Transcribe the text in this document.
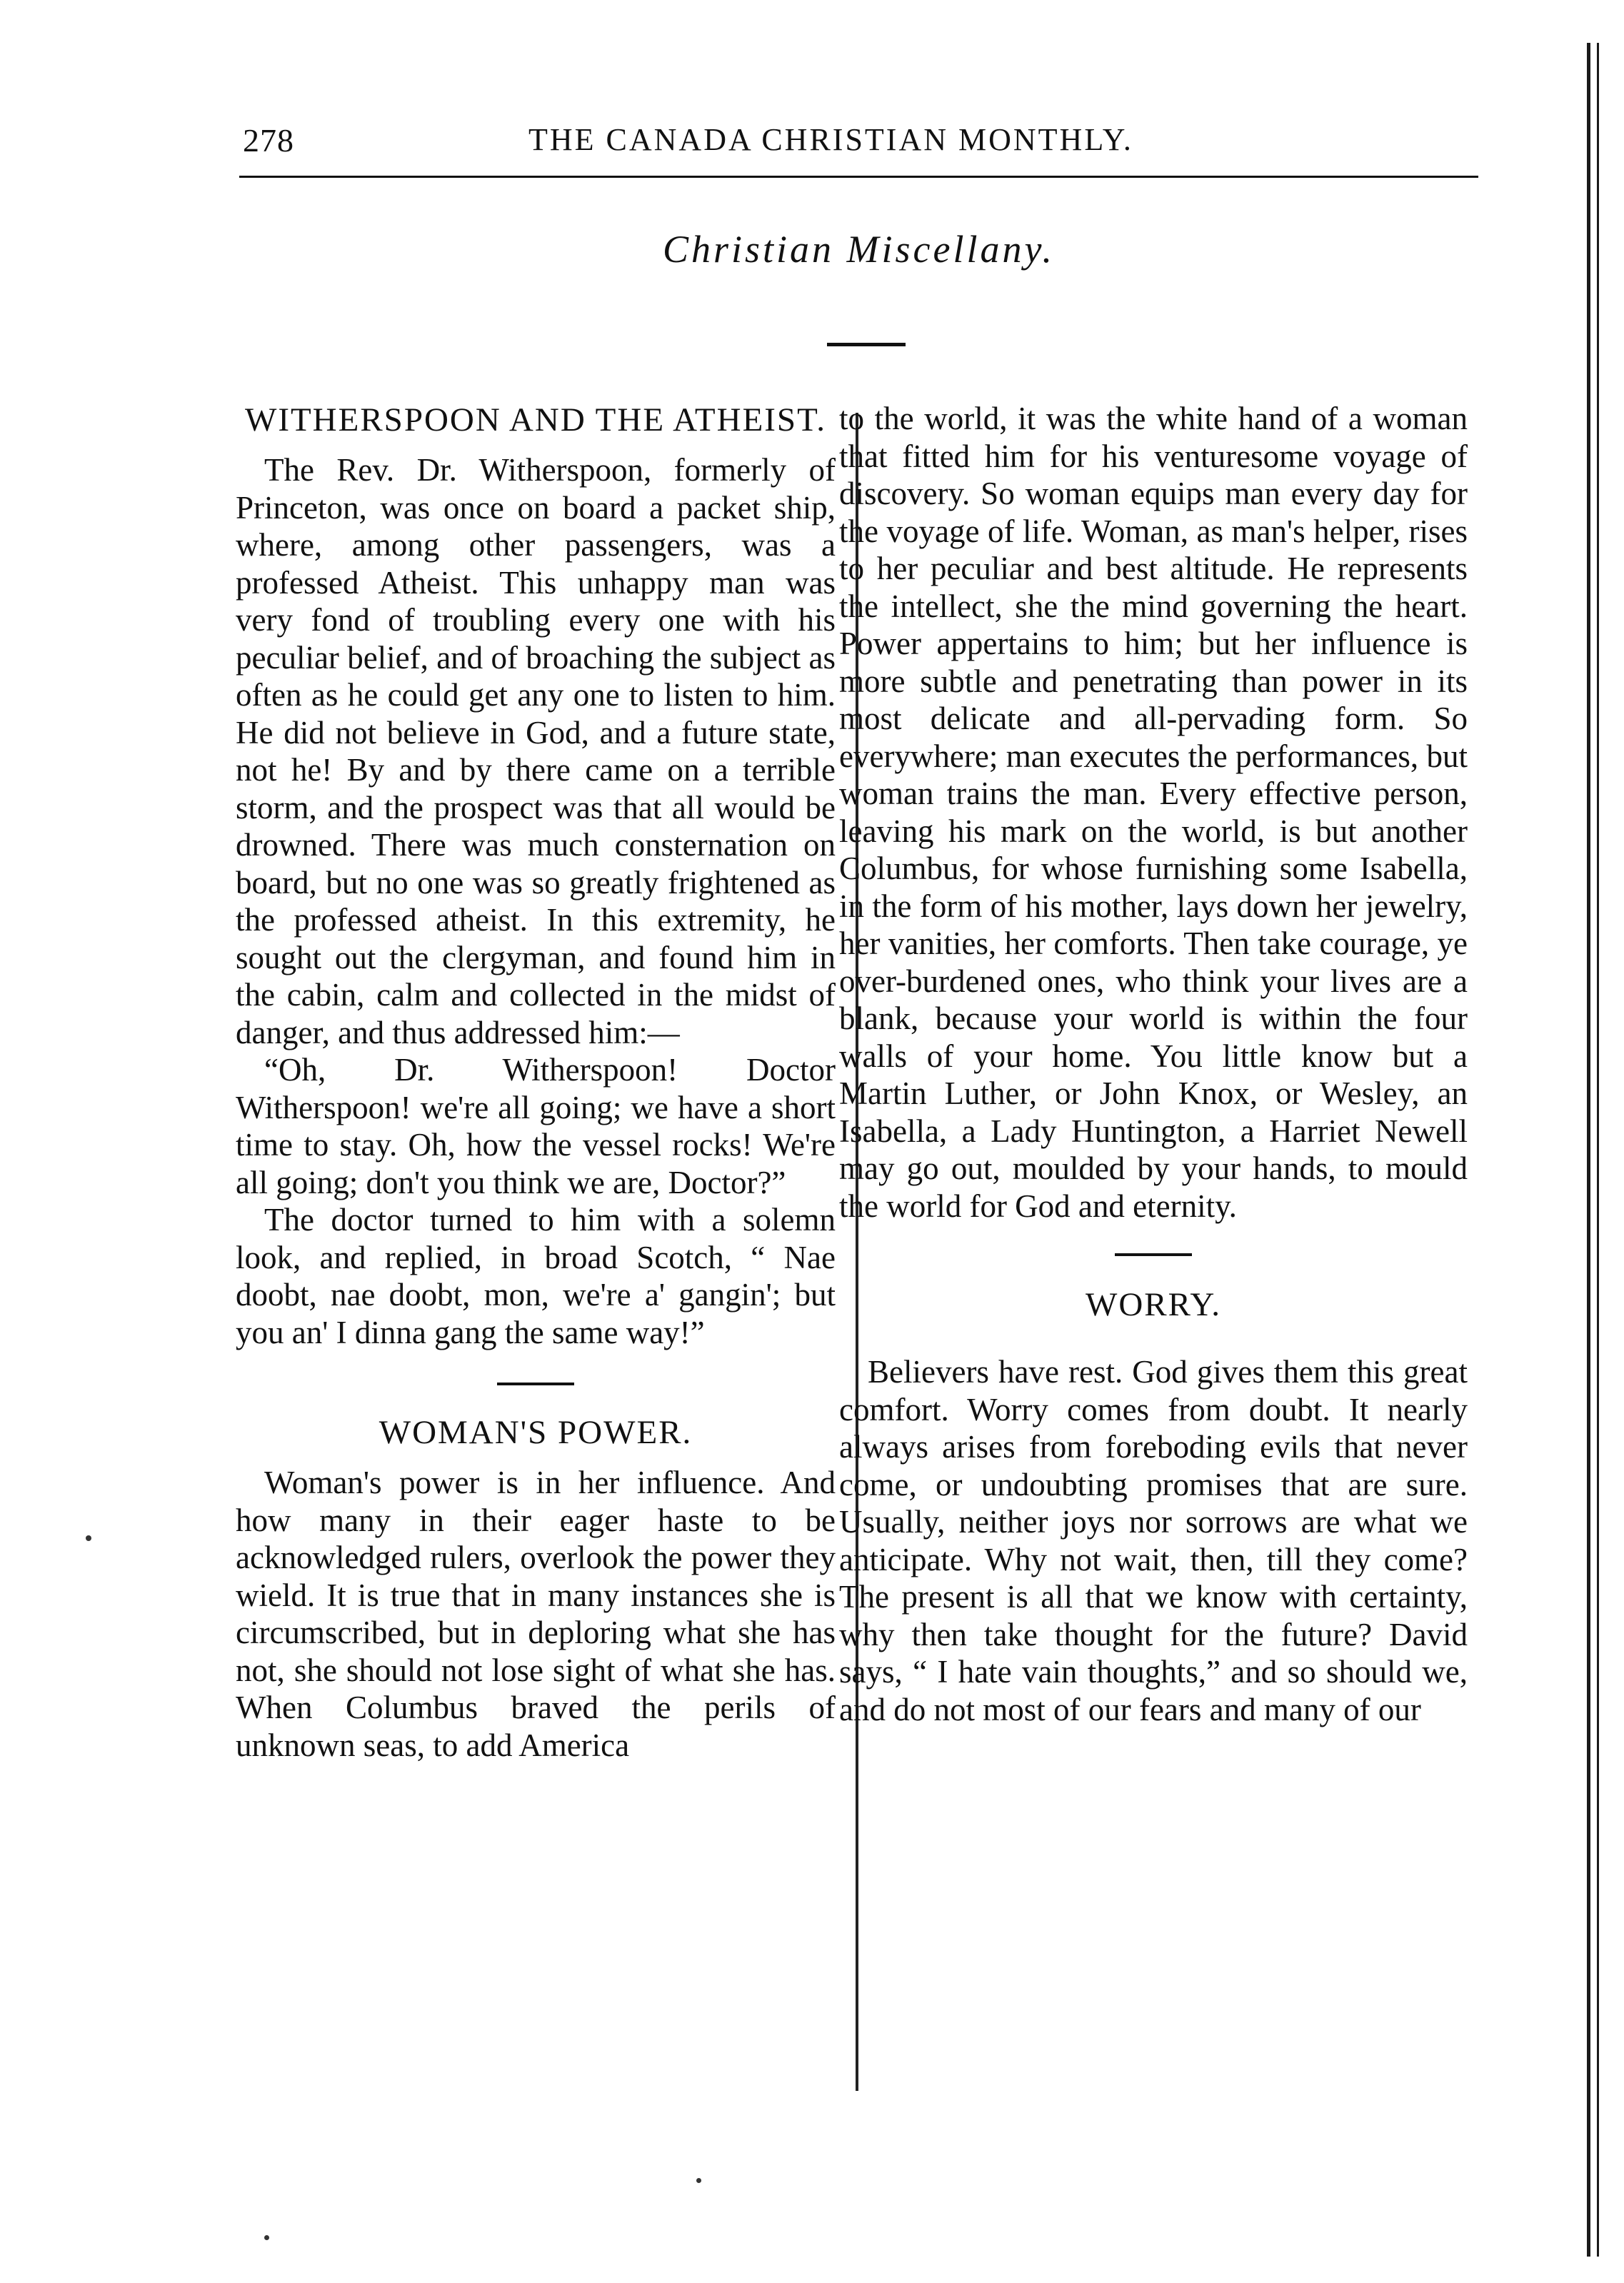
278	THE CANADA CHRISTIAN MONTHLY.
Christian Miscellany.
WITHERSPOON AND THE ATHEIST.

The Rev. Dr. Witherspoon, formerly of Princeton, was once on board a packet ship, where, among other passengers, was a professed Atheist. This unhappy man was very fond of troubling every one with his peculiar belief, and of broaching the subject as often as he could get any one to listen to him. He did not believe in God, and a future state, not he! By and by there came on a terrible storm, and the prospect was that all would be drowned. There was much consternation on board, but no one was so greatly frightened as the professed atheist. In this extremity, he sought out the clergyman, and found him in the cabin, calm and collected in the midst of danger, and thus addressed him:—

“Oh, Dr. Witherspoon! Doctor Witherspoon! we're all going; we have a short time to stay. Oh, how the vessel rocks! We're all going; don't you think we are, Doctor?”

The doctor turned to him with a solemn look, and replied, in broad Scotch, “ Nae doobt, nae doobt, mon, we're a' gangin'; but you an' I dinna gang the same way!”

WOMAN'S POWER.

Woman's power is in her influence. And how many in their eager haste to be acknowledged rulers, overlook the power they wield. It is true that in many instances she is circumscribed, but in deploring what she has not, she should not lose sight of what she has. When Columbus braved the perils of unknown seas, to add America

to the world, it was the white hand of a woman that fitted him for his venturesome voyage of discovery. So woman equips man every day for the voyage of life. Woman, as man's helper, rises to her peculiar and best altitude. He represents the intellect, she the mind governing the heart. Power appertains to him; but her influence is more subtle and penetrating than power in its most delicate and all-pervading form. So everywhere; man executes the performances, but woman trains the man. Every effective person, leaving his mark on the world, is but another Columbus, for whose furnishing some Isabella, in the form of his mother, lays down her jewelry, her vanities, her comforts. Then take courage, ye over-burdened ones, who think your lives are a blank, because your world is within the four walls of your home. You little know but a Martin Luther, or John Knox, or Wesley, an Isabella, a Lady Huntington, a Harriet Newell may go out, moulded by your hands, to mould the world for God and eternity.

WORRY.

Believers have rest. God gives them this great comfort. Worry comes from doubt. It nearly always arises from foreboding evils that never come, or undoubting promises that are sure. Usually, neither joys nor sorrows are what we anticipate. Why not wait, then, till they come? The present is all that we know with certainty, why then take thought for the future? David says, “ I hate vain thoughts,” and so should we, and do not most of our fears and many of our
